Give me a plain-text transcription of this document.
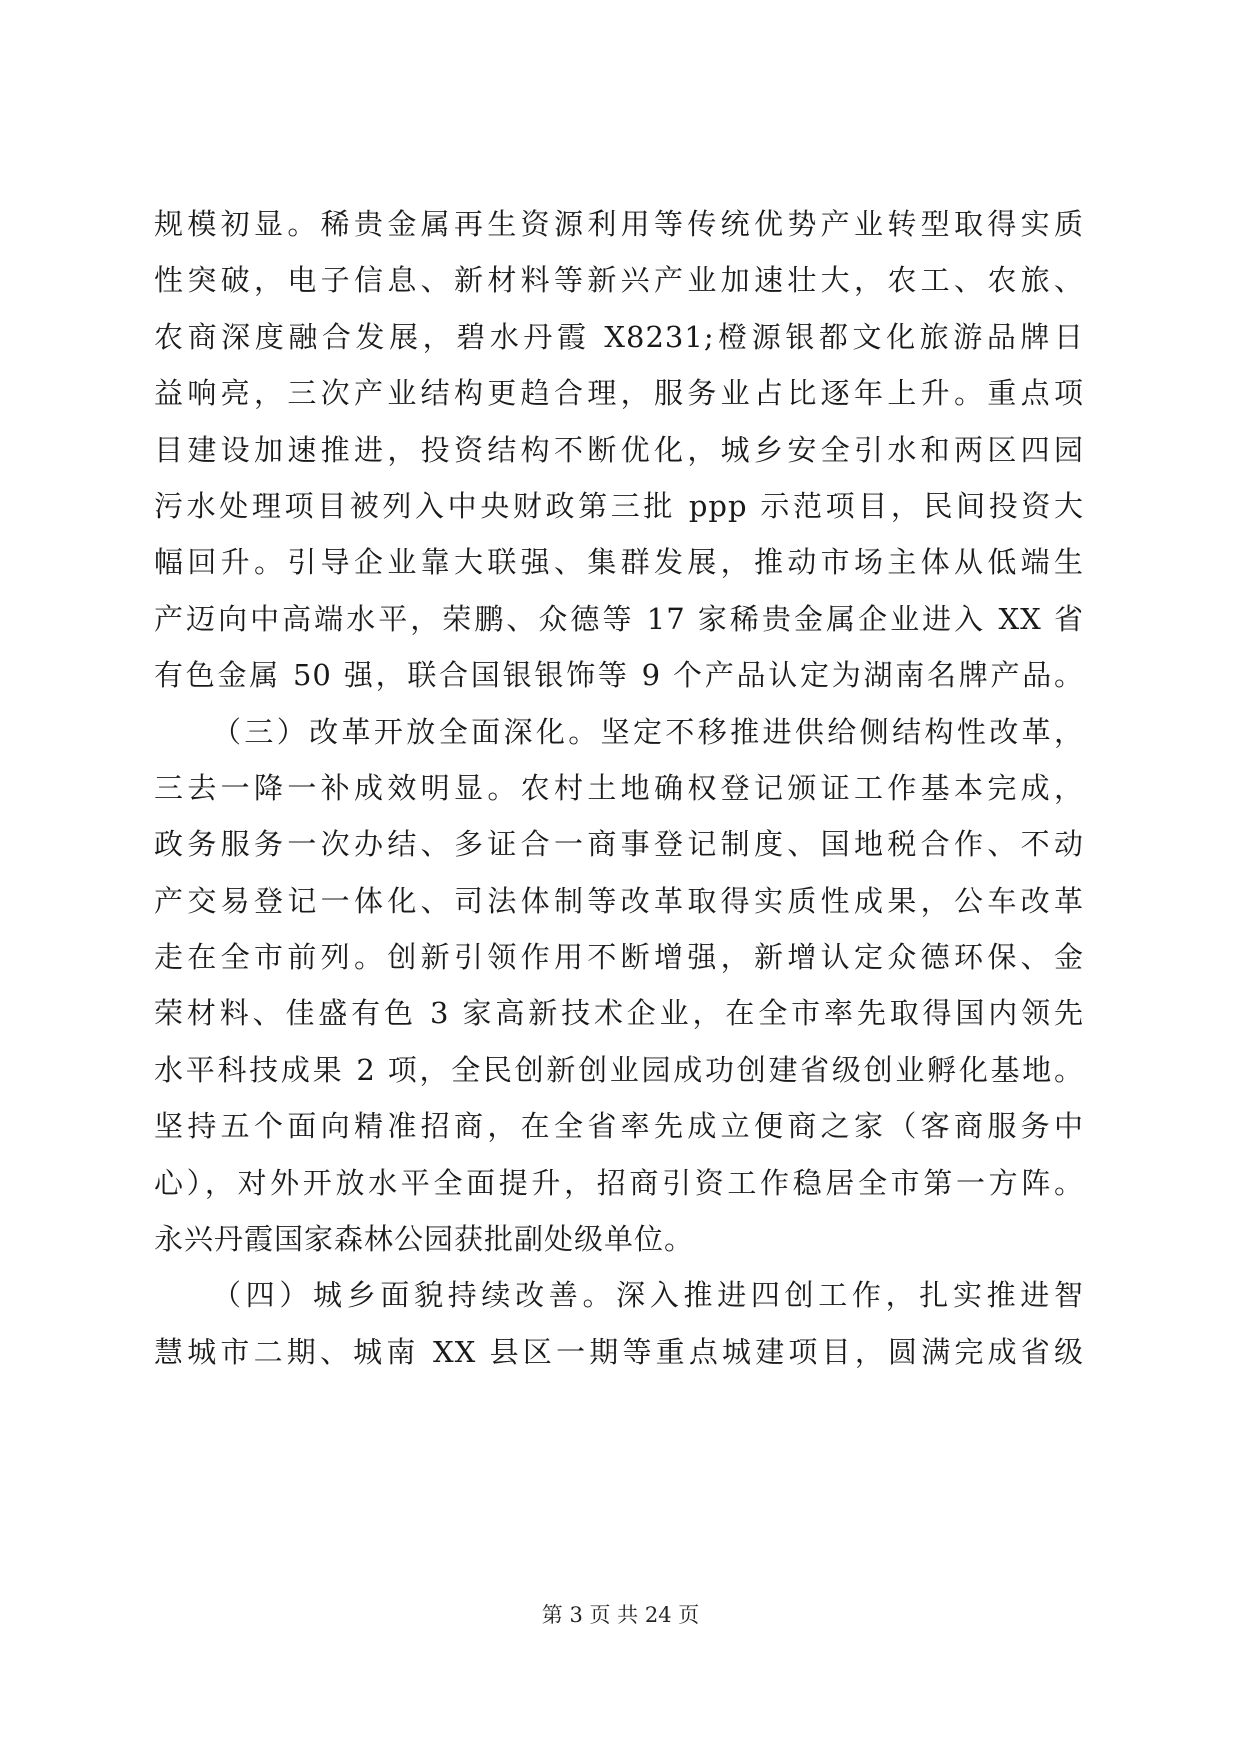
规模初显。稀贵金属再生资源利用等传统优势产业转型取得实质
性突破，电子信息、新材料等新兴产业加速壮大，农工、农旅、
农商深度融合发展，碧水丹霞 X8231;橙源银都文化旅游品牌日
益响亮，三次产业结构更趋合理，服务业占比逐年上升。重点项
目建设加速推进，投资结构不断优化，城乡安全引水和两区四园
污水处理项目被列入中央财政第三批 ppp 示范项目，民间投资大
幅回升。引导企业靠大联强、集群发展，推动市场主体从低端生
产迈向中高端水平，荣鹏、众德等 17 家稀贵金属企业进入 XX 省
有色金属 50 强，联合国银银饰等 9 个产品认定为湖南名牌产品。
（三）改革开放全面深化。坚定不移推进供给侧结构性改革，
三去一降一补成效明显。农村土地确权登记颁证工作基本完成，
政务服务一次办结、多证合一商事登记制度、国地税合作、不动
产交易登记一体化、司法体制等改革取得实质性成果，公车改革
走在全市前列。创新引领作用不断增强，新增认定众德环保、金
荣材料、佳盛有色 3 家高新技术企业，在全市率先取得国内领先
水平科技成果 2 项，全民创新创业园成功创建省级创业孵化基地。
坚持五个面向精准招商，在全省率先成立便商之家（客商服务中
心），对外开放水平全面提升，招商引资工作稳居全市第一方阵。
永兴丹霞国家森林公园获批副处级单位。
（四）城乡面貌持续改善。深入推进四创工作，扎实推进智
慧城市二期、城南 XX 县区一期等重点城建项目，圆满完成省级
第 3 页 共 24 页
